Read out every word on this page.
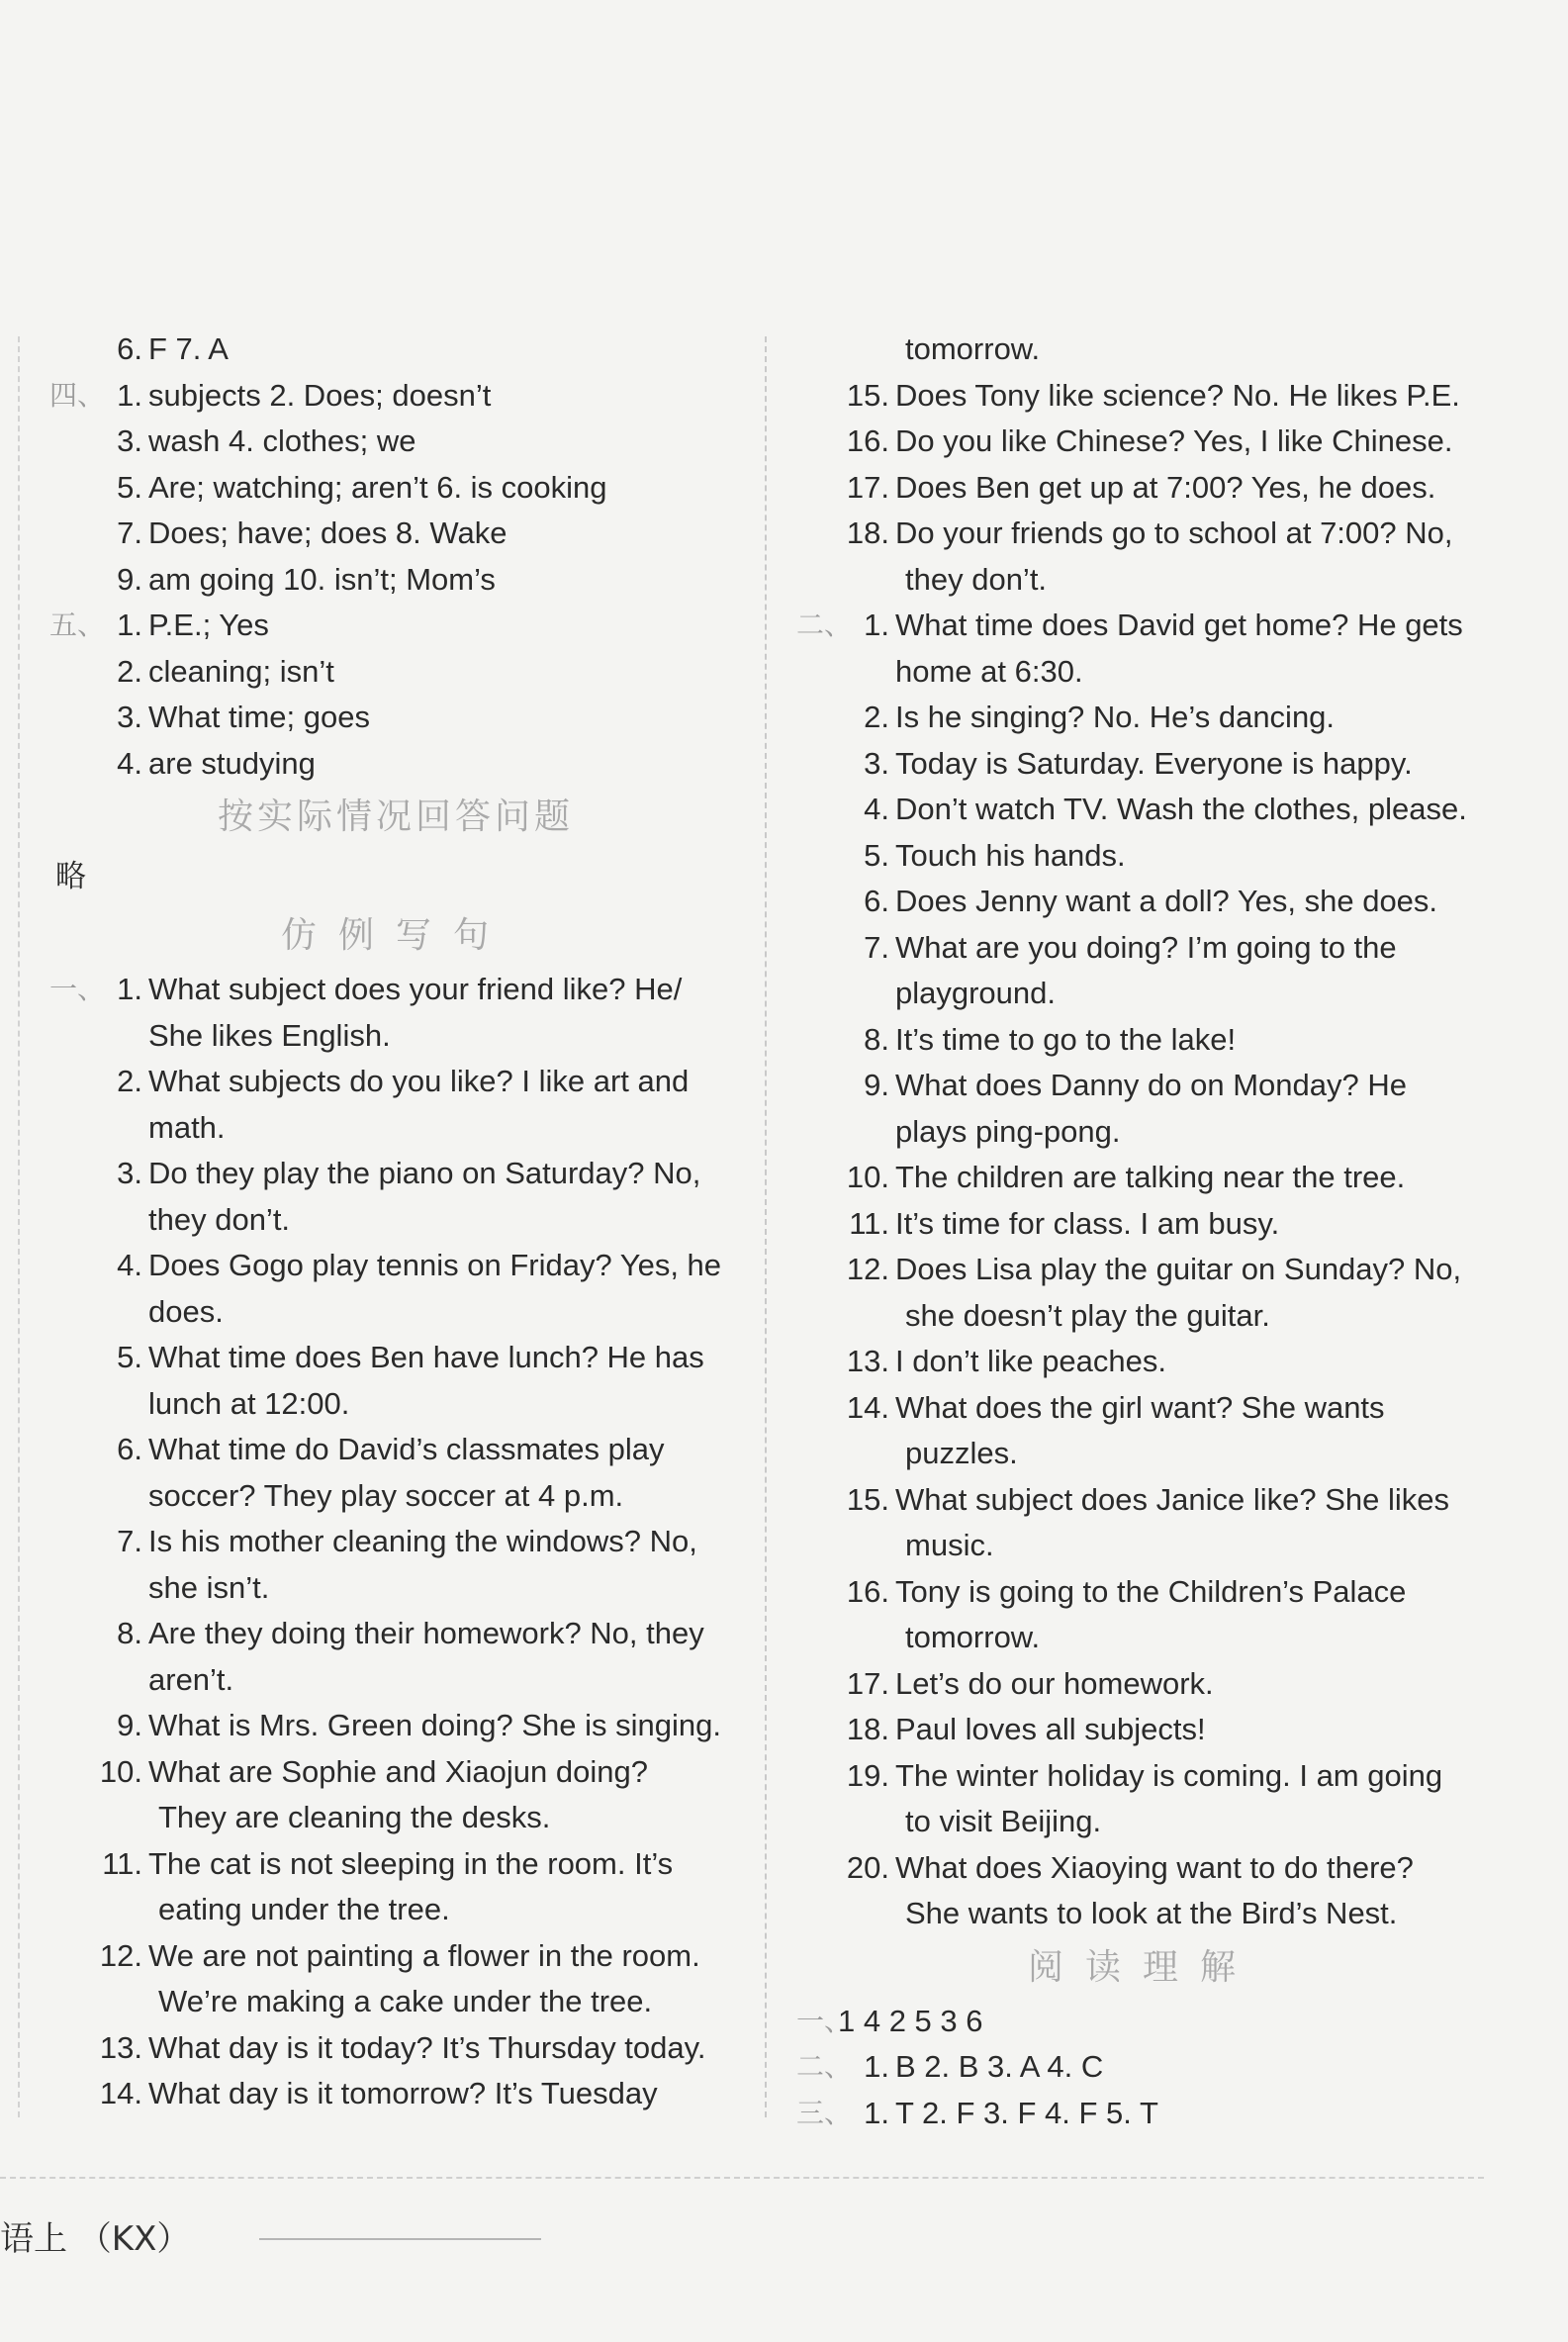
6. F 7. A
四、 1. subjects 2. Does; doesn’t
3. wash 4. clothes; we
5. Are; watching; aren’t 6. is cooking
7. Does; have; does 8. Wake
9. am going 10. isn’t; Mom’s
五、 1. P.E.; Yes
2. cleaning; isn’t
3. What time; goes
4. are studying
按实际情况回答问题
略
仿例写句
一、 1. What subject does your friend like? He/
She likes English.
2. What subjects do you like? I like art and
math.
3. Do they play the piano on Saturday? No,
they don’t.
4. Does Gogo play tennis on Friday? Yes, he
does.
5. What time does Ben have lunch? He has
lunch at 12:00.
6. What time do David’s classmates play
soccer? They play soccer at 4 p.m.
7. Is his mother cleaning the windows? No,
she isn’t.
8. Are they doing their homework? No, they
aren’t.
9. What is Mrs. Green doing? She is singing.
10. What are Sophie and Xiaojun doing?
They are cleaning the desks.
11. The cat is not sleeping in the room. It’s
eating under the tree.
12. We are not painting a flower in the room.
We’re making a cake under the tree.
13. What day is it today? It’s Thursday today.
14. What day is it tomorrow? It’s Tuesday
tomorrow.
15. Does Tony like science? No. He likes P.E.
16. Do you like Chinese? Yes, I like Chinese.
17. Does Ben get up at 7:00? Yes, he does.
18. Do your friends go to school at 7:00? No,
they don’t.
二、 1. What time does David get home? He gets
home at 6:30.
2. Is he singing? No. He’s dancing.
3. Today is Saturday. Everyone is happy.
4. Don’t watch TV. Wash the clothes, please.
5. Touch his hands.
6. Does Jenny want a doll? Yes, she does.
7. What are you doing? I’m going to the
playground.
8. It’s time to go to the lake!
9. What does Danny do on Monday? He
plays ping-pong.
10. The children are talking near the tree.
11. It’s time for class. I am busy.
12. Does Lisa play the guitar on Sunday? No,
she doesn’t play the guitar.
13. I don’t like peaches.
14. What does the girl want? She wants
puzzles.
15. What subject does Janice like? She likes
music.
16. Tony is going to the Children’s Palace
tomorrow.
17. Let’s do our homework.
18. Paul loves all subjects!
19. The winter holiday is coming. I am going
to visit Beijing.
20. What does Xiaoying want to do there?
She wants to look at the Bird’s Nest.
阅读理解
一、
1 4 2 5 3 6
二、 1. B 2. B 3. A 4. C
三、 1. T 2. F 3. F 4. F 5. T
语上 （KX）
